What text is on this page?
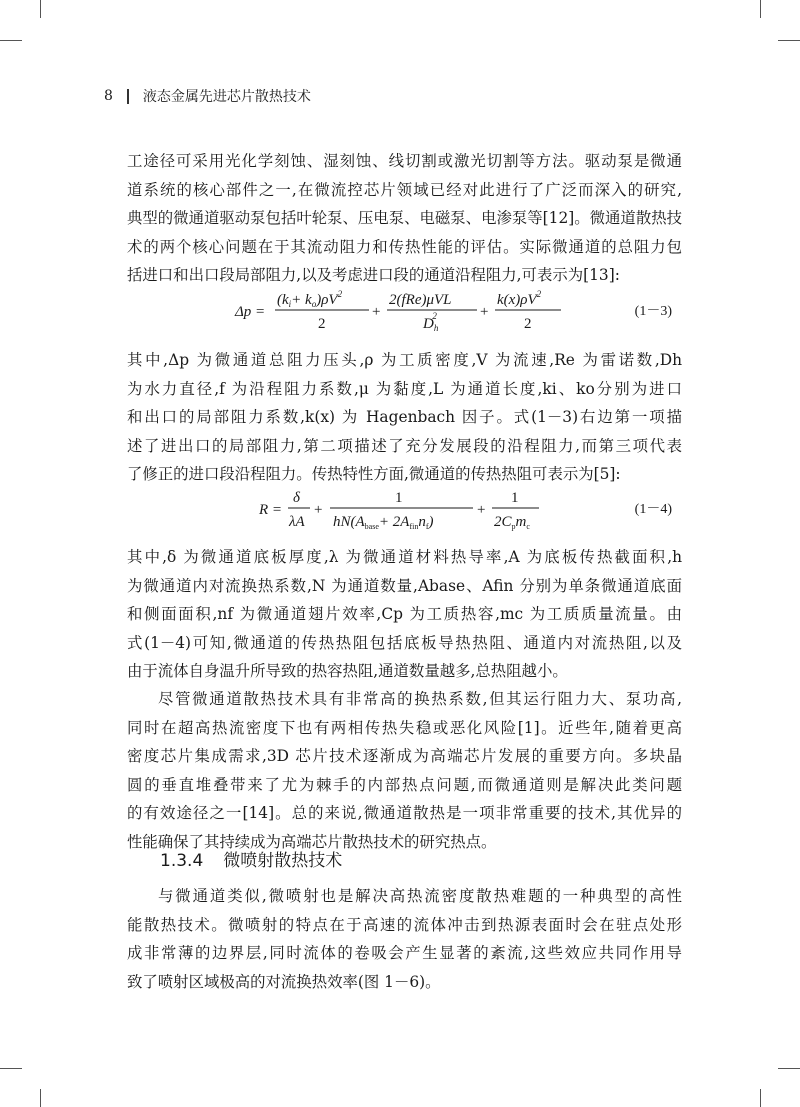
8 液态金属先进芯片散热技术
工途径可采用光化学刻蚀、湿刻蚀、线切割或激光切割等方法。驱动泵是微通
道系统的核心部件之一,在微流控芯片领域已经对此进行了广泛而深入的研究,
典型的微通道驱动泵包括叶轮泵、压电泵、电磁泵、电渗泵等[12]。微通道散热技
术的两个核心问题在于其流动阻力和传热性能的评估。实际微通道的总阻力包
括进口和出口段局部阻力,以及考虑进口段的通道沿程阻力,可表示为[13]:
Δp =
$(k_i+ k_o)\rho V^2$
2
+
2(fRe)μVL
$D_h2$	+
$k(x)\rho V^2$
2
(1－3)
其中,Δp 为微通道总阻力压头,ρ 为工质密度,V 为流速,Re 为雷诺数,Dh
为水力直径,f 为沿程阻力系数,μ 为黏度,L 为通道长度,ki、ko分别为进口
和出口的局部阻力系数,k(x) 为 Hagenbach 因子。式(1－3)右边第一项描
述了进出口的局部阻力,第二项描述了充分发展段的沿程阻力,而第三项代表
了修正的进口段沿程阻力。传热特性方面,微通道的传热热阻可表示为[5]:
R =
δ
λA
+
1
$hN(A_{base}+ 2A_{fin}n_f)$
+
1
$2C_pm_c$
(1－4)
其中,δ 为微通道底板厚度,λ 为微通道材料热导率,A 为底板传热截面积,h
为微通道内对流换热系数,N 为通道数量,Abase、Afin 分别为单条微通道底面
和侧面面积,nf 为微通道翅片效率,Cp 为工质热容,mc 为工质质量流量。由
式(1－4)可知,微通道的传热热阻包括底板导热热阻、通道内对流热阻,以及
由于流体自身温升所导致的热容热阻,通道数量越多,总热阻越小。
尽管微通道散热技术具有非常高的换热系数,但其运行阻力大、泵功高,
同时在超高热流密度下也有两相传热失稳或恶化风险[1]。近些年,随着更高
密度芯片集成需求,3D 芯片技术逐渐成为高端芯片发展的重要方向。多块晶
圆的垂直堆叠带来了尤为棘手的内部热点问题,而微通道则是解决此类问题
的有效途径之一[14]。总的来说,微通道散热是一项非常重要的技术,其优异的
性能确保了其持续成为高端芯片散热技术的研究热点。
1.3.4 微喷射散热技术
与微通道类似,微喷射也是解决高热流密度散热难题的一种典型的高性
能散热技术。微喷射的特点在于高速的流体冲击到热源表面时会在驻点处形
成非常薄的边界层,同时流体的卷吸会产生显著的紊流,这些效应共同作用导
致了喷射区域极高的对流换热效率(图 1－6)。
